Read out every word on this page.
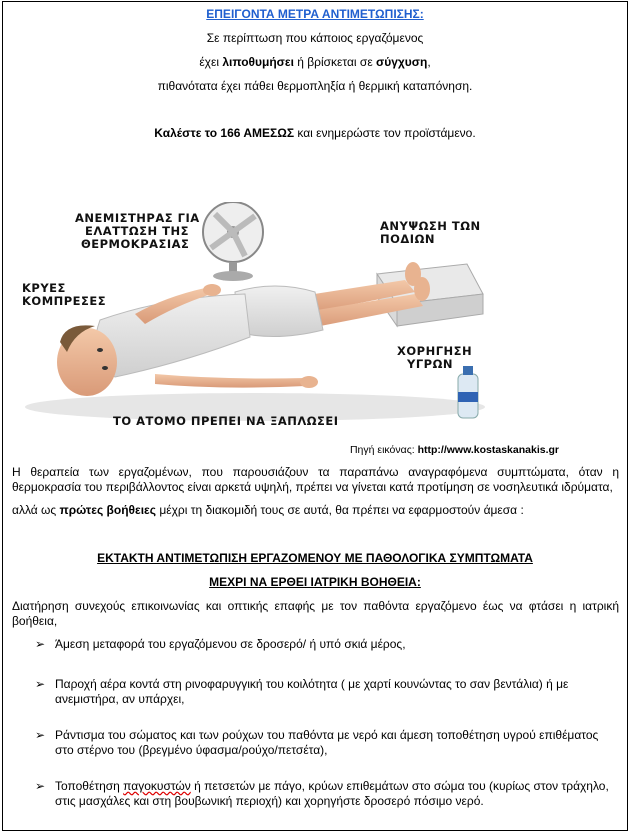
ΕΠΕΙΓΟΝΤΑ ΜΕΤΡΑ ΑΝΤΙΜΕΤΩΠΙΣΗΣ:
Σε περίπτωση που κάποιος εργαζόμενος
έχει λιποθυμήσει ή βρίσκεται σε σύγχυση,
πιθανότατα έχει πάθει θερμοπληξία ή θερμική καταπόνηση.
Καλέστε το 166 ΑΜΕΣΩΣ και ενημερώστε τον προϊστάμενο.
ΑΝΕΜΙΣΤΗΡΑΣ ΓΙΑ
ΕΛΑΤΤΩΣΗ ΤΗΣ
ΘΕΡΜΟΚΡΑΣΙΑΣ
ΑΝΥΨΩΣΗ ΤΩΝ
ΠΟΔΙΩΝ
ΚΡΥΕΣ
ΚΟΜΠΡΕΣΕΣ
ΧΟΡΗΓΗΣΗ
ΥΓΡΩΝ
ΤΟ ΑΤΟΜΟ ΠΡΕΠΕΙ ΝΑ ΞΑΠΛΩΣΕΙ
Πηγή εικόνας: http://www.kostaskanakis.gr
Η θεραπεία των εργαζομένων, που παρουσιάζουν τα παραπάνω αναγραφόμενα συμπτώματα, όταν η θερμοκρασία του περιβάλλοντος είναι αρκετά υψηλή, πρέπει να γίνεται κατά προτίμηση σε νοσηλευτικά ιδρύματα,
αλλά ως πρώτες βοήθειες μέχρι τη διακομιδή τους σε αυτά, θα πρέπει να εφαρμοστούν άμεσα :
ΕΚΤΑΚΤΗ ΑΝΤΙΜΕΤΩΠΙΣΗ ΕΡΓΑΖΟΜΕΝΟΥ ΜΕ ΠΑΘΟΛΟΓΙΚΑ ΣΥΜΠΤΩΜΑΤΑ
ΜΕΧΡΙ ΝΑ ΕΡΘΕΙ ΙΑΤΡΙΚΗ ΒΟΗΘΕΙΑ:
Διατήρηση συνεχούς επικοινωνίας και οπτικής επαφής με τον παθόντα εργαζόμενο έως να φτάσει η ιατρική βοήθεια,
➢ Άμεση μεταφορά του εργαζόμενου σε δροσερό/ ή υπό σκιά μέρος,
➢ Παροχή αέρα κοντά στη ρινοφαρυγγική του κοιλότητα ( με χαρτί κουνώντας το σαν βεντάλια) ή με ανεμιστήρα, αν υπάρχει,
➢ Ράντισμα του σώματος και των ρούχων του παθόντα με νερό και άμεση τοποθέτηση υγρού επιθέματος στο στέρνο του (βρεγμένο ύφασμα/ρούχο/πετσέτα),
➢ Τοποθέτηση παγοκυστών ή πετσετών με πάγο, κρύων επιθεμάτων στο σώμα του (κυρίως στον τράχηλο, στις μασχάλες και στη βουβωνική περιοχή) και χορηγήστε δροσερό πόσιμο νερό.
